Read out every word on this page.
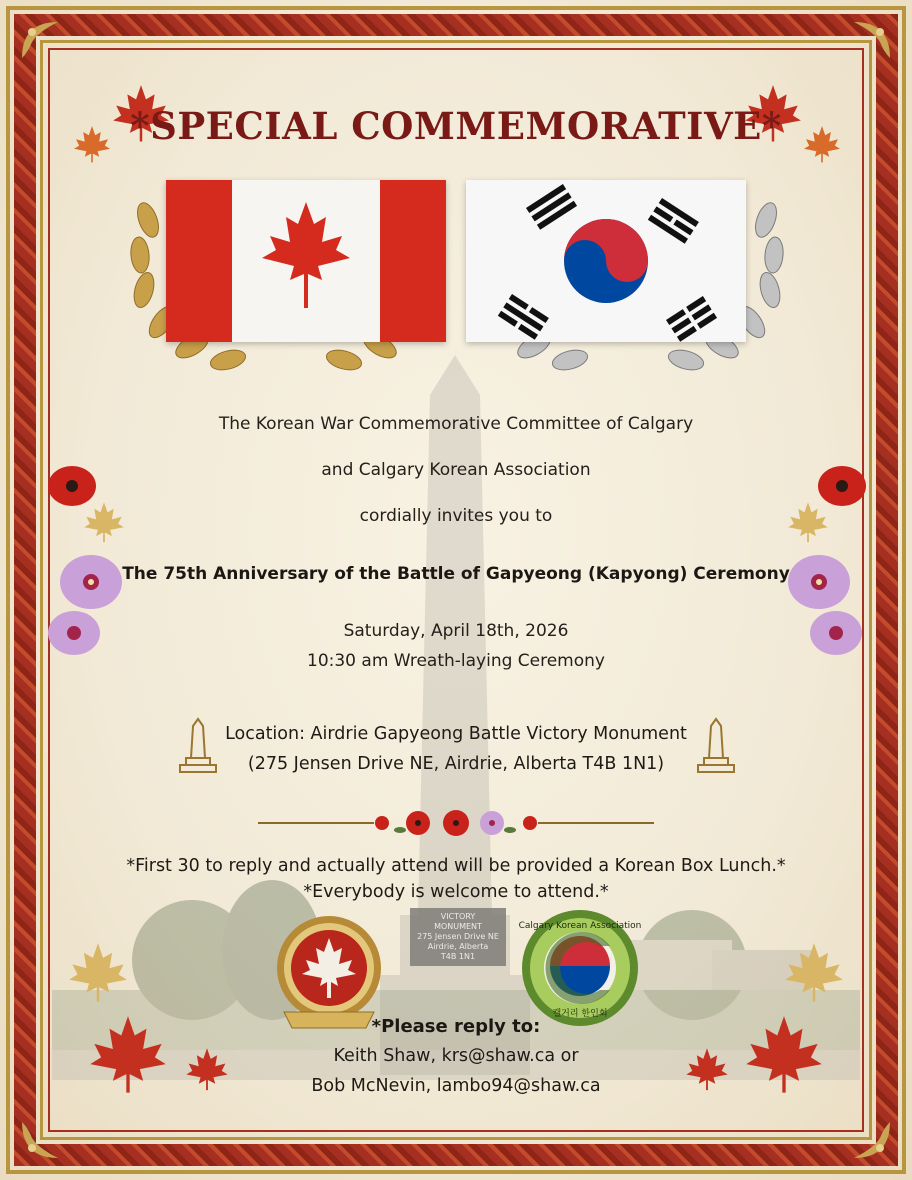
*SPECIAL COMMEMORATIVE*
The Korean War Commemorative Committee of Calgary
and Calgary Korean Association
cordially invites you to
The 75th Anniversary of the Battle of Gapyeong (Kapyong) Ceremony
Saturday, April 18th, 2026
10:30 am Wreath-laying Ceremony
Location: Airdrie Gapyeong Battle Victory Monument
(275 Jensen Drive NE, Airdrie, Alberta T4B 1N1)
*First 30 to reply and actually attend will be provided a Korean Box Lunch.*
*Everybody is welcome to attend.*
VICTORY
MONUMENT
275 Jensen Drive NE
Airdrie, Alberta
T4B 1N1
Calgary Korean Association
캘거리 한인회
*Please reply to:
Keith Shaw, krs@shaw.ca or
Bob McNevin, lambo94@shaw.ca
